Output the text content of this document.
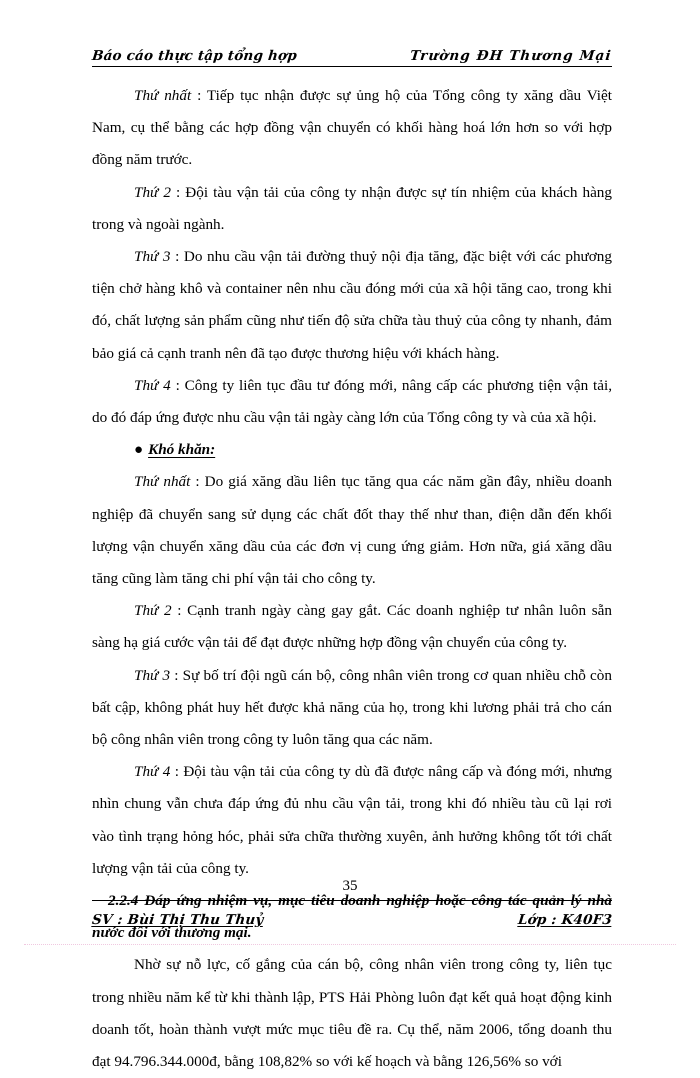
Báo cáo thực tập tổng hợp	Trường ĐH Thương Mại

Thứ nhất : Tiếp tục nhận được sự ủng hộ của Tổng công ty xăng dầu Việt Nam, cụ thể bằng các hợp đồng vận chuyển có khối hàng hoá lớn hơn so với hợp đồng năm trước.

Thứ 2 : Đội tàu vận tải của công ty nhận được sự tín nhiệm của khách hàng trong và ngoài ngành.

Thứ 3 : Do nhu cầu vận tải đường thuỷ nội địa tăng, đặc biệt với các phương tiện chở hàng khô và container nên nhu cầu đóng mới của xã hội tăng cao, trong khi đó, chất lượng sản phẩm cũng như tiến độ sửa chữa tàu thuỷ của công ty nhanh, đảm bảo giá cả cạnh tranh nên đã tạo được thương hiệu với khách hàng.

Thứ 4 : Công ty liên tục đầu tư đóng mới, nâng cấp các phương tiện vận tải, do đó đáp ứng được nhu cầu vận tải ngày càng lớn của Tổng công ty và của xã hội.

● Khó khăn:

Thứ nhất : Do giá xăng dầu liên tục tăng qua các năm gần đây, nhiều doanh nghiệp đã chuyển sang sử dụng các chất đốt thay thế như than, điện dẫn đến khối lượng vận chuyển xăng dầu của các đơn vị cung ứng giảm. Hơn nữa, giá xăng dầu tăng cũng làm tăng chi phí vận tải cho công ty.

Thứ 2 : Cạnh tranh ngày càng gay gắt. Các doanh nghiệp tư nhân luôn sẵn sàng hạ giá cước vận tải để đạt được những hợp đồng vận chuyển của công ty.

Thứ 3 : Sự bố trí đội ngũ cán bộ, công nhân viên trong cơ quan nhiều chỗ còn bất cập, không phát huy hết được khả năng của họ, trong khi lương phải trả cho cán bộ công nhân viên trong công ty luôn tăng qua các năm.

Thứ 4 : Đội tàu vận tải của công ty dù đã được nâng cấp và đóng mới, nhưng nhìn chung vẫn chưa đáp ứng đủ nhu cầu vận tải, trong khi đó nhiều tàu cũ lại rơi vào tình trạng hỏng hóc, phải sửa chữa thường xuyên, ảnh hưởng không tốt tới chất lượng vận tải của công ty.

2.2.4 Đáp ứng nhiệm vụ, mục tiêu doanh nghiệp hoặc công tác quản lý nhà nước đối với thương mại.

Nhờ sự nỗ lực, cố gắng của cán bộ, công nhân viên trong công ty, liên tục trong nhiều năm kể từ khi thành lập, PTS Hải Phòng luôn đạt kết quả hoạt động kinh doanh tốt, hoàn thành vượt mức mục tiêu đề ra. Cụ thể, năm 2006, tổng doanh thu đạt 94.796.344.000đ, bằng 108,82% so với kế hoạch và bằng 126,56% so với

35
SV : Bùi Thị Thu Thuỷ	Lớp : K40F3
